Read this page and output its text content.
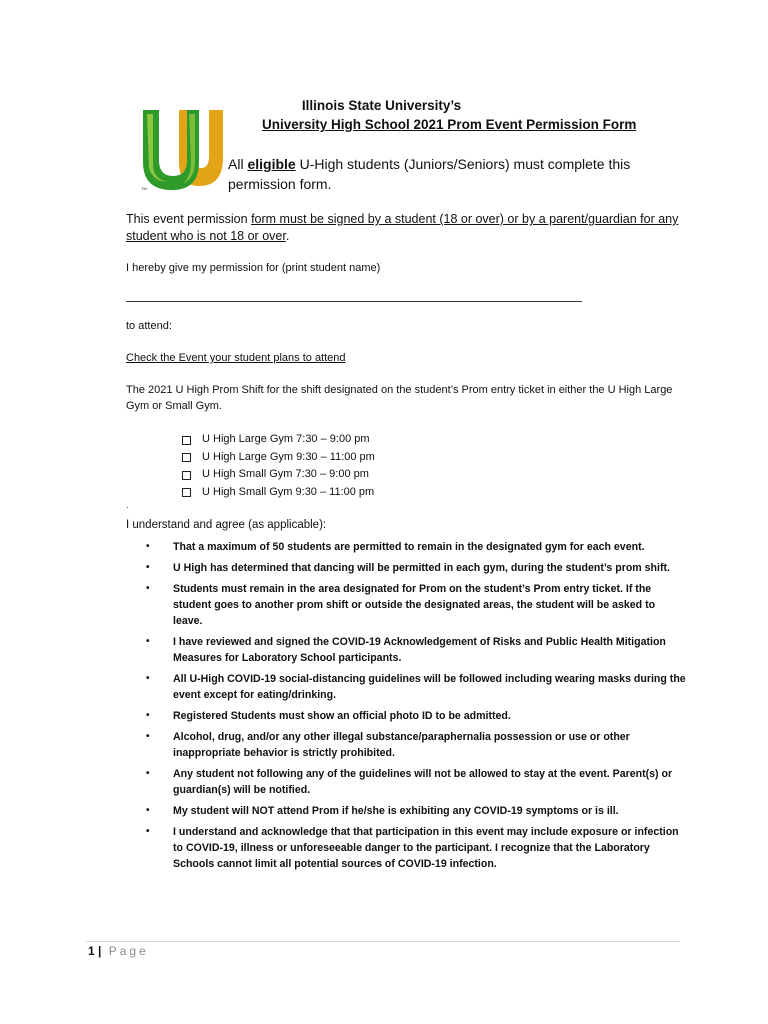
TM
Illinois State University’s
University High School 2021 Prom Event Permission Form
All eligible U-High students (Juniors/Seniors) must complete this permission form.
This event permission form must be signed by a student (18 or over) or by a parent/guardian for any student who is not 18 or over.
I hereby give my permission for (print student name)
to attend:
Check the Event your student plans to attend
The 2021 U High Prom Shift for the shift designated on the student’s Prom entry ticket in either the U High Large Gym or Small Gym.
U High Large Gym 7:30 – 9:00 pm
U High Large Gym 9:30 – 11:00 pm
U High Small Gym 7:30 – 9:00 pm
U High Small Gym 9:30 – 11:00 pm
.
I understand and agree (as applicable):
• That a maximum of 50 students are permitted to remain in the designated gym for each event.
• U High has determined that dancing will be permitted in each gym, during the student’s prom shift.
• Students must remain in the area designated for Prom on the student’s Prom entry ticket. If the student goes to another prom shift or outside the designated areas, the student will be asked to leave.
• I have reviewed and signed the COVID-19 Acknowledgement of Risks and Public Health Mitigation Measures for Laboratory School participants.
• All U-High COVID-19 social-distancing guidelines will be followed including wearing masks during the event except for eating/drinking.
• Registered Students must show an official photo ID to be admitted.
• Alcohol, drug, and/or any other illegal substance/paraphernalia possession or use or other inappropriate behavior is strictly prohibited.
• Any student not following any of the guidelines will not be allowed to stay at the event. Parent(s) or guardian(s) will be notified.
• My student will NOT attend Prom if he/she is exhibiting any COVID-19 symptoms or is ill.
• I understand and acknowledge that that participation in this event may include exposure or infection to COVID-19, illness or unforeseeable danger to the participant. I recognize that the Laboratory Schools cannot limit all potential sources of COVID-19 infection.
1 | Page
